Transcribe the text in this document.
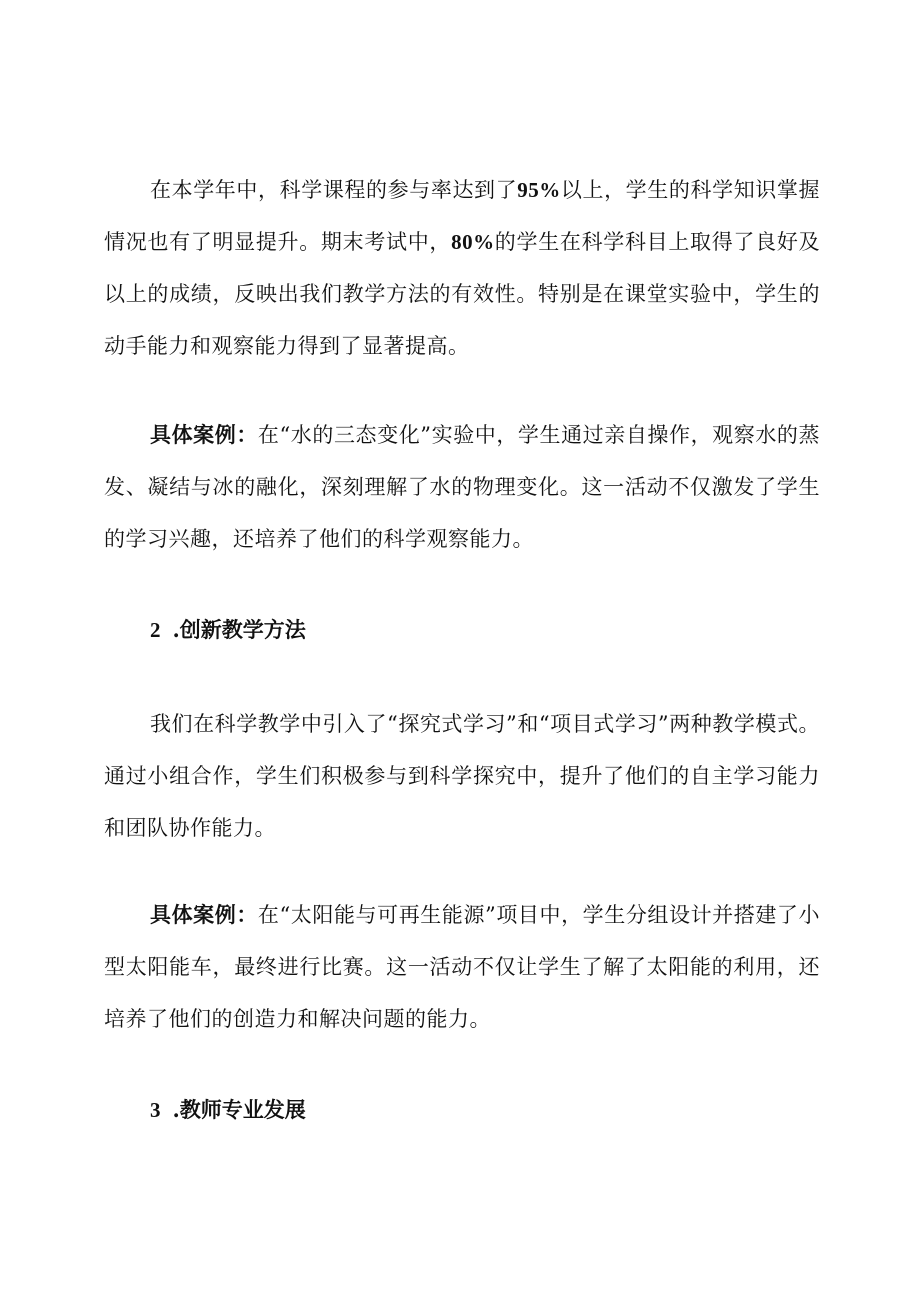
在本学年中，科学课程的参与率达到了95%以上，学生的科学知识掌握情况也有了明显提升。期末考试中，80%的学生在科学科目上取得了良好及以上的成绩，反映出我们教学方法的有效性。特别是在课堂实验中，学生的动手能力和观察能力得到了显著提高。

具体案例：在“水的三态变化”实验中，学生通过亲自操作，观察水的蒸发、凝结与冰的融化，深刻理解了水的物理变化。这一活动不仅激发了学生的学习兴趣，还培养了他们的科学观察能力。

2 .创新教学方法

我们在科学教学中引入了“探究式学习”和“项目式学习”两种教学模式。通过小组合作，学生们积极参与到科学探究中，提升了他们的自主学习能力和团队协作能力。

具体案例：在“太阳能与可再生能源”项目中，学生分组设计并搭建了小型太阳能车，最终进行比赛。这一活动不仅让学生了解了太阳能的利用，还培养了他们的创造力和解决问题的能力。

3 .教师专业发展
